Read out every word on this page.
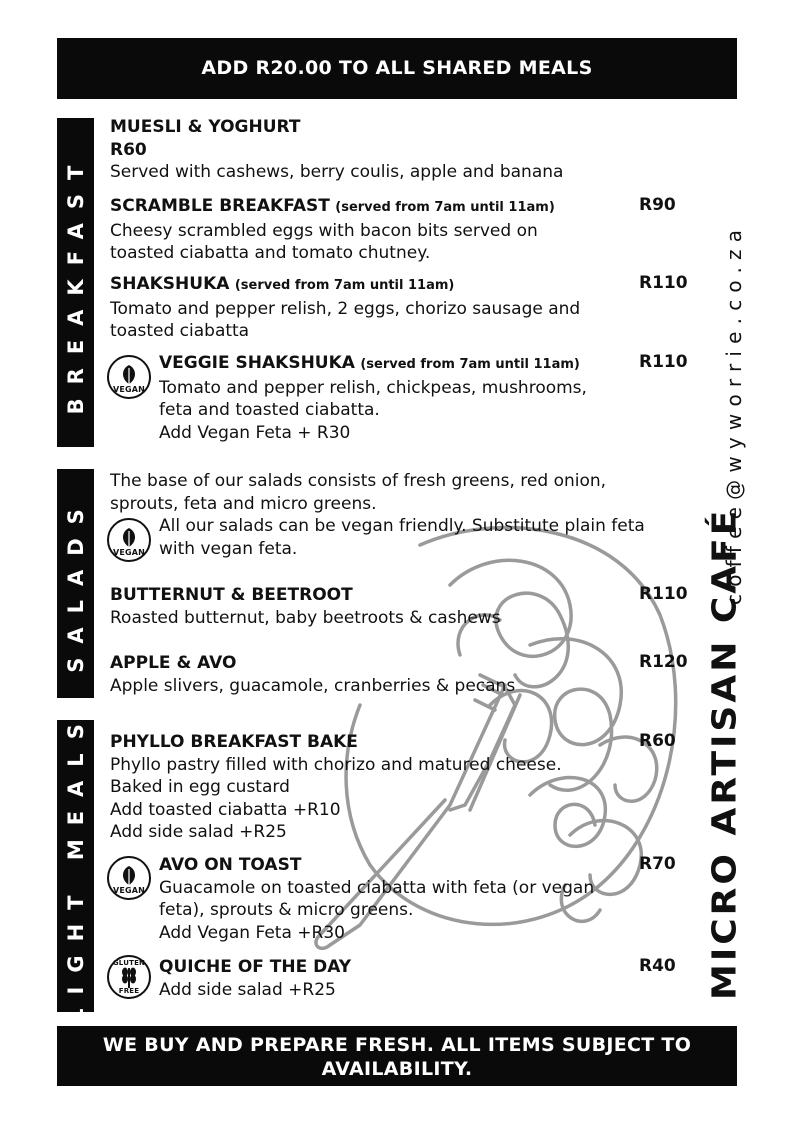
ADD R20.00 TO ALL SHARED MEALS
BREAKFAST
SALADS
LIGHT MEALS
MUESLI & YOGHURT
R60
Served with cashews, berry coulis, apple and banana
SCRAMBLE BREAKFAST (served from 7am until 11am)
Cheesy scrambled eggs with bacon bits served on
toasted ciabatta and tomato chutney.
R90
SHAKSHUKA (served from 7am until 11am)
Tomato and pepper relish, 2 eggs, chorizo sausage and
toasted ciabatta
R110
VEGAN
VEGGIE SHAKSHUKA (served from 7am until 11am)
Tomato and pepper relish, chickpeas, mushrooms,
feta and toasted ciabatta.
Add Vegan Feta + R30
R110
The base of our salads consists of fresh greens, red onion,
sprouts, feta and micro greens.
VEGAN
All our salads can be vegan friendly. Substitute plain feta
with vegan feta.
BUTTERNUT & BEETROOT
Roasted butternut, baby beetroots & cashews
R110
APPLE & AVO
Apple slivers, guacamole, cranberries & pecans
R120
PHYLLO BREAKFAST BAKE
Phyllo pastry filled with chorizo and matured cheese.
Baked in egg custard
Add toasted ciabatta +R10
Add side salad +R25
R60
VEGAN
AVO ON TOAST
Guacamole on toasted ciabatta with feta (or vegan
feta), sprouts & micro greens.
Add Vegan Feta +R30
R70
GLUTEN
FREE
QUICHE OF THE DAY
Add side salad +R25
R40
coffee@wyworrie.co.za
MICRO ARTISAN CAFÉ
WE BUY AND PREPARE FRESH. ALL ITEMS SUBJECT TO
AVAILABILITY.
